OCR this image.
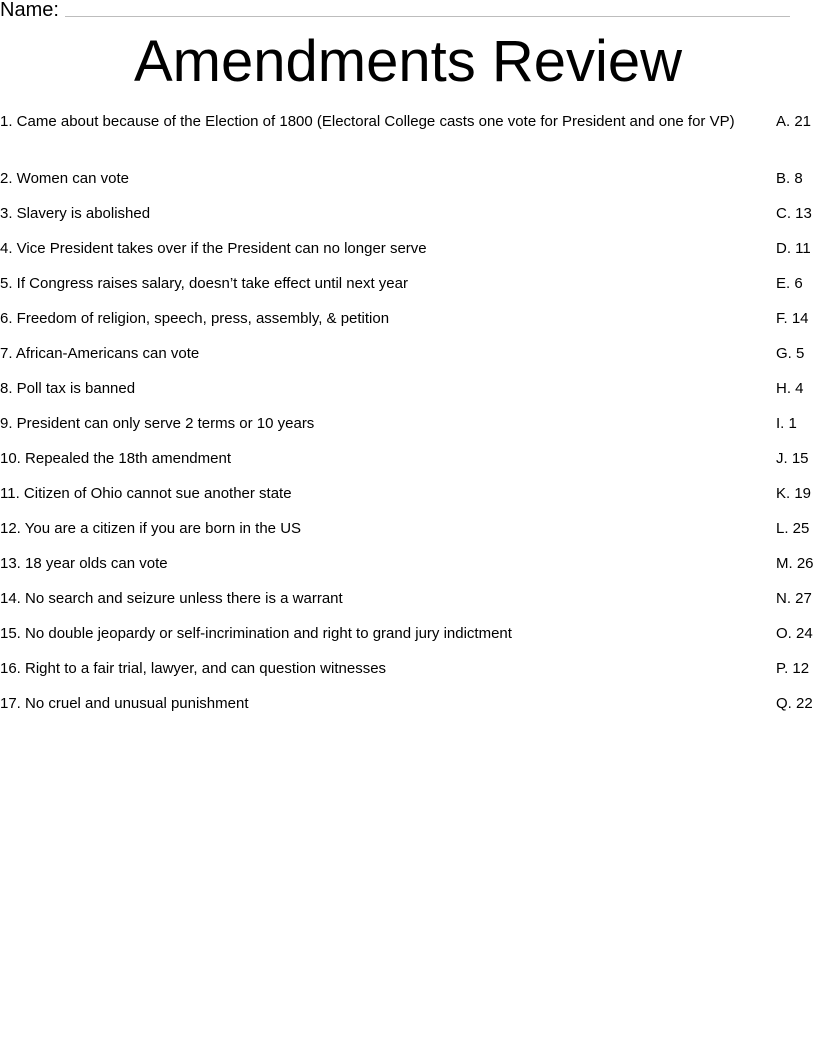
Name:
Amendments Review
1. Came about because of the Election of 1800 (Electoral College casts one vote for President and one for VP)	A. 21
2. Women can vote	B. 8
3. Slavery is abolished	C. 13
4. Vice President takes over if the President can no longer serve	D. 11
5. If Congress raises salary, doesn’t take effect until next year	E. 6
6. Freedom of religion, speech, press, assembly, & petition	F. 14
7. African-Americans can vote	G. 5
8. Poll tax is banned	H. 4
9. President can only serve 2 terms or 10 years	I. 1
10. Repealed the 18th amendment	J. 15
11. Citizen of Ohio cannot sue another state	K. 19
12. You are a citizen if you are born in the US	L. 25
13. 18 year olds can vote	M. 26
14. No search and seizure unless there is a warrant	N. 27
15. No double jeopardy or self-incrimination and right to grand jury indictment	O. 24
16. Right to a fair trial, lawyer, and can question witnesses	P. 12
17. No cruel and unusual punishment	Q. 22
